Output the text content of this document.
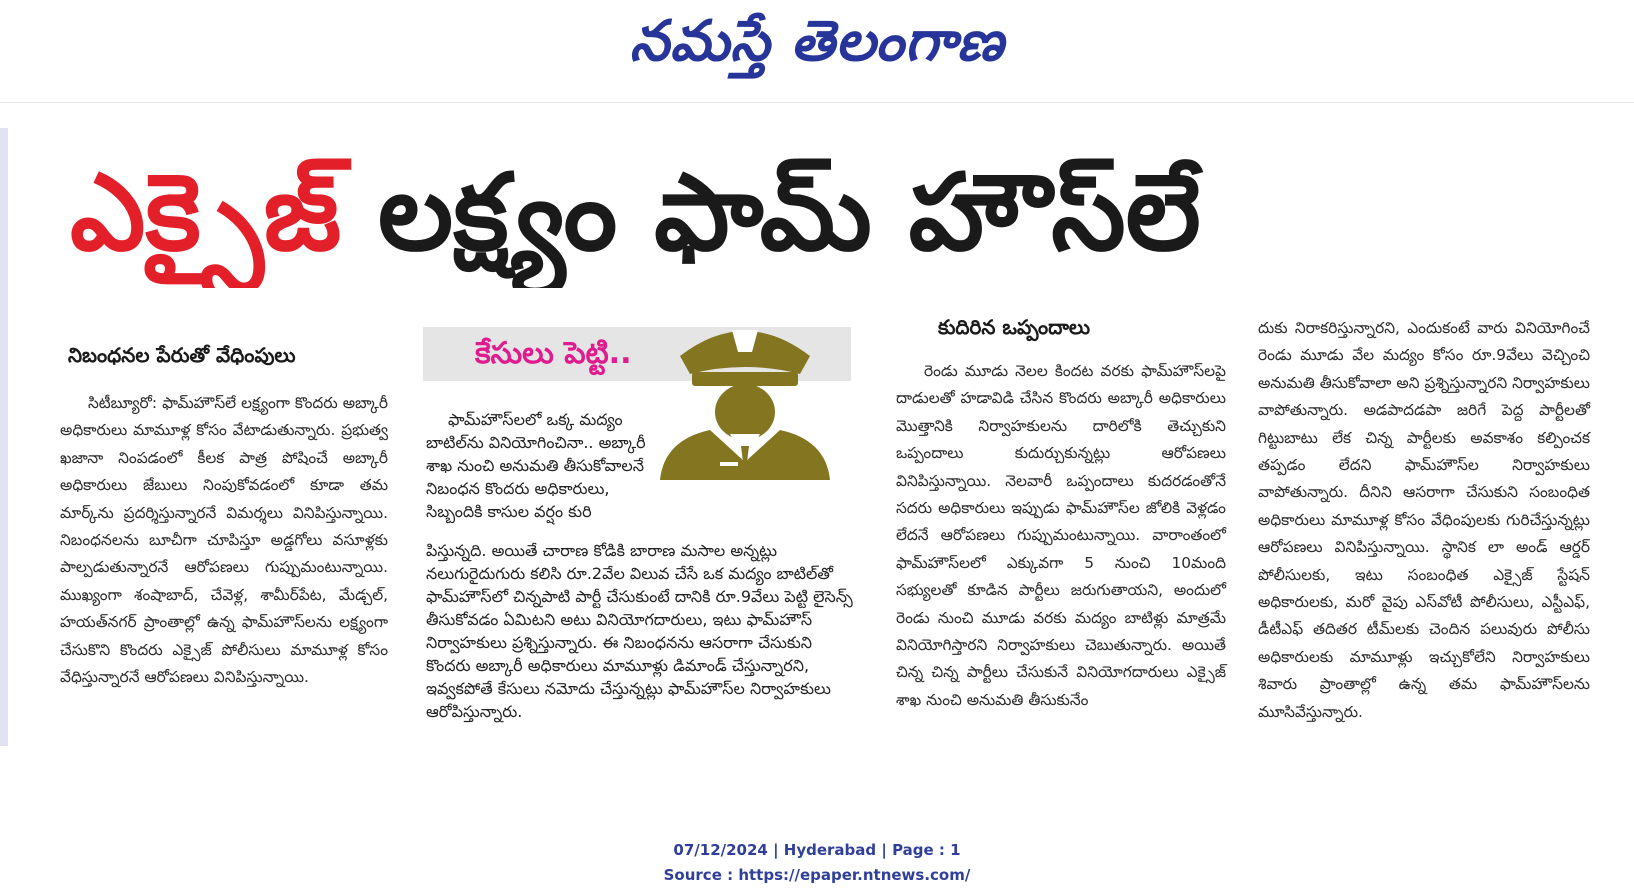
నమస్తే తెలంగాణ
ఎక్సైజ్ లక్ష్యం ఫామ్ హౌస్‌లే
నిబంధనల పేరుతో వేధింపులు

సిటీబ్యూరో: ఫామ్‌హౌస్‌లే లక్ష్యంగా కొందరు అబ్కారీ అధికారులు మామూళ్ల కోసం వేటాడుతున్నారు. ప్రభుత్వ ఖజానా నింపడంలో కీలక పాత్ర పోషించే అబ్కారీ అధికారులు జేబులు నింపుకోవడంలో కూడా తమ మార్క్‌ను ప్రదర్శిస్తున్నారనే విమర్శలు వినిపిస్తున్నాయి. నిబంధనలను బూచీగా చూపిస్తూ అడ్డగోలు వసూళ్లకు పాల్పడుతున్నారనే ఆరోపణలు గుప్పుమంటున్నాయి. ముఖ్యంగా శంషాబాద్, చేవెళ్ల, శామీర్‌పేట, మేడ్చల్, హయత్‌నగర్ ప్రాంతాల్లో ఉన్న ఫామ్‌హౌస్‌లను లక్ష్యంగా చేసుకొని కొందరు ఎక్సైజ్ పోలీసులు మామూళ్ల కోసం వేధిస్తున్నారనే ఆరోపణలు వినిపిస్తున్నాయి.

కేసులు పెట్టి..

ఫామ్‌హౌస్‌లలో ఒక్క మద్యం బాటిల్‌ను వినియోగించినా.. అబ్కారీ శాఖ నుంచి అనుమతి తీసుకోవాలనే నిబంధన కొందరు అధికారులు, సిబ్బందికి కాసుల వర్షం కురి

పిస్తున్నది. అయితే చారాణ కోడికి బారాణ మసాల అన్నట్లు నలుగురైదుగురు కలిసి రూ.2వేల విలువ చేసే ఒక మద్యం బాటిల్‌తో ఫామ్‌హౌస్‌లో చిన్నపాటి పార్టీ చేసుకుంటే దానికి రూ.9వేలు పెట్టి లైసెన్స్ తీసుకోవడం ఏమిటని అటు వినియోగదారులు, ఇటు ఫామ్‌హౌస్ నిర్వాహకులు ప్రశ్నిస్తున్నారు. ఈ నిబంధనను ఆసరాగా చేసుకుని కొందరు అబ్కారీ అధికారులు మామూళ్లు డిమాండ్ చేస్తున్నారని, ఇవ్వకపోతే కేసులు నమోదు చేస్తున్నట్లు ఫామ్‌హౌస్‌ల నిర్వాహకులు ఆరోపిస్తున్నారు.

కుదిరిన ఒప్పందాలు

రెండు మూడు నెలల కిందట వరకు ఫామ్‌హౌస్‌లపై దాడులతో హడావిడి చేసిన కొందరు అబ్కారీ అధికారులు మొత్తానికి నిర్వాహకులను దారిలోకి తెచ్చుకుని ఒప్పందాలు కుదుర్చుకున్నట్లు ఆరోపణలు వినిపిస్తున్నాయి. నెలవారీ ఒప్పందాలు కుదరడంతోనే సదరు అధికారులు ఇప్పుడు ఫామ్‌హౌస్‌ల జోలికి వెళ్లడం లేదనే ఆరోపణలు గుప్పుమంటున్నాయి. వారాంతంలో ఫామ్‌హౌస్‌లలో ఎక్కువగా 5 నుంచి 10మంది సభ్యులతో కూడిన పార్టీలు జరుగుతాయని, అందులో రెండు నుంచి మూడు వరకు మద్యం బాటిళ్లు మాత్రమే వినియోగిస్తారని నిర్వాహకులు చెబుతున్నారు. అయితే చిన్న చిన్న పార్టీలు చేసుకునే వినియోగదారులు ఎక్సైజ్ శాఖ నుంచి అనుమతి తీసుకునేం

దుకు నిరాకరిస్తున్నారని, ఎందుకంటే వారు వినియోగించే రెండు మూడు వేల మద్యం కోసం రూ.9వేలు వెచ్చించి అనుమతి తీసుకోవాలా అని ప్రశ్నిస్తున్నారని నిర్వాహకులు వాపోతున్నారు. అడపాదడపా జరిగే పెద్ద పార్టీలతో గిట్టుబాటు లేక చిన్న పార్టీలకు అవకాశం కల్పించక తప్పడం లేదని ఫామ్‌హౌస్‌ల నిర్వాహకులు వాపోతున్నారు. దీనిని ఆసరాగా చేసుకుని సంబంధిత అధికారులు మామూళ్ల కోసం వేధింపులకు గురిచేస్తున్నట్లు ఆరోపణలు వినిపిస్తున్నాయి. స్థానిక లా అండ్ ఆర్డర్ పోలీసులకు, ఇటు సంబంధిత ఎక్సైజ్ స్టేషన్ అధికారులకు, మరో వైపు ఎస్‌వోటీ పోలీసులు, ఎస్టీఎఫ్, డీటీఎఫ్ తదితర టీమ్‌లకు చెందిన పలువురు పోలీసు అధికారులకు మామూళ్లు ఇచ్చుకోలేని నిర్వాహకులు శివారు ప్రాంతాల్లో ఉన్న తమ ఫామ్‌హౌస్‌లను మూసివేస్తున్నారు.

07/12/2024 | Hyderabad | Page : 1
Source : https://epaper.ntnews.com/
